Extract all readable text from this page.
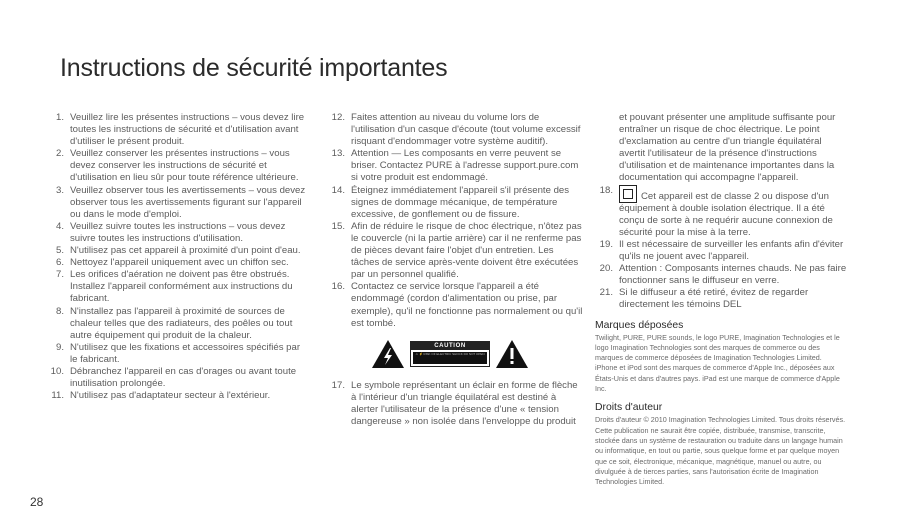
Instructions de sécurité importantes
1. Veuillez lire les présentes instructions – vous devez lire toutes les instructions de sécurité et d'utilisation avant d'utiliser le présent produit.
2. Veuillez conserver les présentes instructions – vous devez conserver les instructions de sécurité et d'utilisation en lieu sûr pour toute référence ultérieure.
3. Veuillez observer tous les avertissements – vous devez observer tous les avertissements figurant sur l'appareil ou dans le mode d'emploi.
4. Veuillez suivre toutes les instructions – vous devez suivre toutes les instructions d'utilisation.
5. N'utilisez pas cet appareil à proximité d'un point d'eau.
6. Nettoyez l'appareil uniquement avec un chiffon sec.
7. Les orifices d'aération ne doivent pas être obstrués. Installez l'appareil conformément aux instructions du fabricant.
8. N'installez pas l'appareil à proximité de sources de chaleur telles que des radiateurs, des poêles ou tout autre équipement qui produit de la chaleur.
9. N'utilisez que les fixations et accessoires spécifiés par le fabricant.
10. Débranchez l'appareil en cas d'orages ou avant toute inutilisation prolongée.
11. N'utilisez pas d'adaptateur secteur à l'extérieur.
12. Faites attention au niveau du volume lors de l'utilisation d'un casque d'écoute (tout volume excessif risquant d'endommager votre système auditif).
13. Attention — Les composants en verre peuvent se briser. Contactez PURE à l'adresse support.pure.com si votre produit est endommagé.
14. Éteignez immédiatement l'appareil s'il présente des signes de dommage mécanique, de température excessive, de gonflement ou de fissure.
15. Afin de réduire le risque de choc électrique, n'ôtez pas le couvercle (ni la partie arrière) car il ne renferme pas de pièces devant faire l'objet d'un entretien. Les tâches de service après-vente doivent être exécutées par un personnel qualifié.
16. Contactez ce service lorsque l'appareil a été endommagé (cordon d'alimentation ou prise, par exemple), qu'il ne fonctionne pas normalement ou qu'il est tombé.
CAUTION
⚠ ⚡ RISK OF ELECTRIC SHOCK DO NOT OPEN
17. Le symbole représentant un éclair en forme de flèche à l'intérieur d'un triangle équilatéral est destiné à alerter l'utilisateur de la présence d'une « tension dangereuse » non isolée dans l'enveloppe du produit
et pouvant présenter une amplitude suffisante pour entraîner un risque de choc électrique. Le point d'exclamation au centre d'un triangle équilatéral avertit l'utilisateur de la présence d'instructions d'utilisation et de maintenance importantes dans la documentation qui accompagne l'appareil.
18.
Cet appareil est de classe 2 ou dispose d'un équipement à double isolation électrique. Il a été conçu de sorte à ne requérir aucune connexion de sécurité pour la mise à la terre.
19. Il est nécessaire de surveiller les enfants afin d'éviter qu'ils ne jouent avec l'appareil.
20. Attention : Composants internes chauds. Ne pas faire fonctionner sans le diffuseur en verre.
21. Si le diffuseur a été retiré, évitez de regarder directement les témoins DEL
Marques déposées

Twilight, PURE, PURE sounds, le logo PURE, Imagination Technologies et le logo Imagination Technologies sont des marques de commerce ou des marques de commerce déposées de Imagination Technologies Limited.

iPhone et iPod sont des marques de commerce d'Apple Inc., déposées aux États-Unis et dans d'autres pays. iPad est une marque de commerce d'Apple Inc.

Droits d'auteur

Droits d'auteur © 2010 Imagination Technologies Limited. Tous droits réservés. Cette publication ne saurait être copiée, distribuée, transmise, transcrite, stockée dans un système de restauration ou traduite dans un langage humain ou informatique, en tout ou partie, sous quelque forme et par quelque moyen que ce soit, électronique, mécanique, magnétique, manuel ou autre, ou divulguée à de tierces parties, sans l'autorisation écrite de Imagination Technologies Limited.

28
